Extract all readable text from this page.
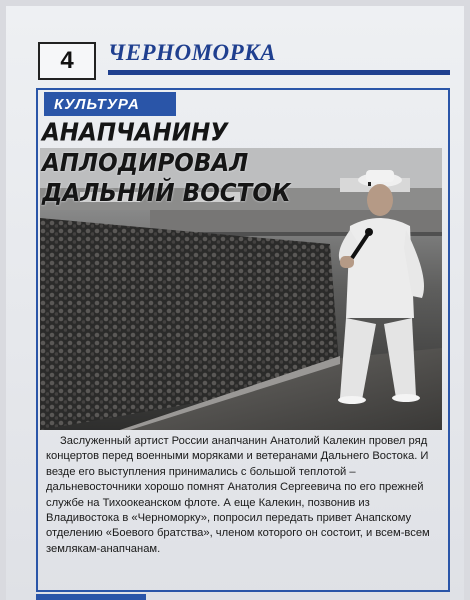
4	ЧЕРНОМОРКА
КУЛЬТУРА
АНАПЧАНИНУ АПЛОДИРОВАЛ
ДАЛЬНИЙ ВОСТОК

Заслуженный артист России анапчанин Анатолий Калекин провел ряд концертов перед военными моряками и ветеранами Дальнего Востока. И везде его выступления принимались с большой теплотой – дальневосточники хорошо помнят Анатолия Сергеевича по его прежней службе на Тихоокеанском флоте. А еще Калекин, позвонив из Владивостока в «Черноморку», попросил передать привет Анапскому отделению «Боевого братства», членом которого он состоит, и всем-всем землякам-анапчанам.
